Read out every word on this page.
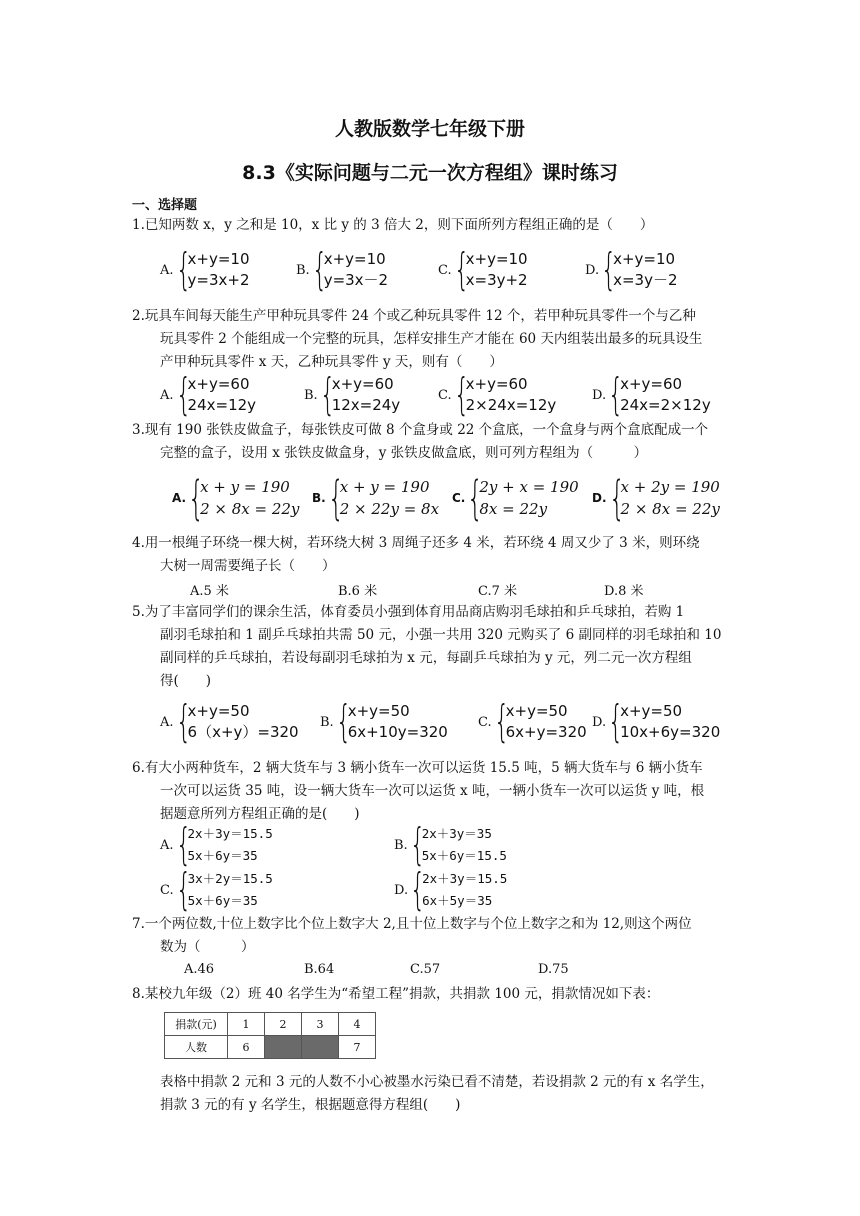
人教版数学七年级下册
8.3《实际问题与二元一次方程组》课时练习
一、选择题
1.已知两数 x，y 之和是 10，x 比 y 的 3 倍大 2，则下面所列方程组正确的是（　　）
A. {
x+y=10
y=3x+2
B. {
x+y=10
y=3x－2
C. {
x+y=10
x=3y+2
D. {
x+y=10
x=3y－2
2.玩具车间每天能生产甲种玩具零件 24 个或乙种玩具零件 12 个，若甲种玩具零件一个与乙种
玩具零件 2 个能组成一个完整的玩具，怎样安排生产才能在 60 天内组装出最多的玩具设生
产甲种玩具零件 x 天，乙种玩具零件 y 天，则有（　　）
A. {
x+y=60
24x=12y
B. {
x+y=60
12x=24y
C. {
x+y=60
2×24x=12y
D. {
x+y=60
24x=2×12y
3.现有 190 张铁皮做盒子，每张铁皮可做 8 个盒身或 22 个盒底，一个盒身与两个盒底配成一个
完整的盒子，设用 x 张铁皮做盒身，y 张铁皮做盒底，则可列方程组为（　　　）
A. {
x + y = 190
2 × 8x = 22y
B. {
x + y = 190
2 × 22y = 8x
C. {
2y + x = 190
8x = 22y
D. {
x + 2y = 190
2 × 8x = 22y
4.用一根绳子环绕一棵大树，若环绕大树 3 周绳子还多 4 米，若环绕 4 周又少了 3 米，则环绕
大树一周需要绳子长（　　）
A.5 米	B.6 米	C.7 米	D.8 米
5.为了丰富同学们的课余生活，体育委员小强到体育用品商店购羽毛球拍和乒乓球拍，若购 1
副羽毛球拍和 1 副乒乓球拍共需 50 元，小强一共用 320 元购买了 6 副同样的羽毛球拍和 10
副同样的乒乓球拍，若设每副羽毛球拍为 x 元，每副乒乓球拍为 y 元，列二元一次方程组
得(　　)
A. {
x+y=50
6（x+y）=320
B. {
x+y=50
6x+10y=320
C. {
x+y=50
6x+y=320
D. {
x+y=50
10x+6y=320
6.有大小两种货车，2 辆大货车与 3 辆小货车一次可以运货 15.5 吨，5 辆大货车与 6 辆小货车
一次可以运货 35 吨，设一辆大货车一次可以运货 x 吨，一辆小货车一次可以运货 y 吨，根
据题意所列方程组正确的是(　　)
A. {
2x＋3y＝15.5
5x＋6y＝35
B. {
2x＋3y＝35
5x＋6y＝15.5
C. {
3x＋2y＝15.5
5x＋6y＝35
D. {
2x＋3y＝15.5
6x＋5y＝35
7.一个两位数,十位上数字比个位上数字大 2,且十位上数字与个位上数字之和为 12,则这个两位
数为（　　　）
A.46	B.64	C.57	D.75
8.某校九年级（2）班 40 名学生为“希望工程”捐款，共捐款 100 元，捐款情况如下表：
捐款(元)	1	2	3	4
人数	6			7
表格中捐款 2 元和 3 元的人数不小心被墨水污染已看不清楚，若设捐款 2 元的有 x 名学生，
捐款 3 元的有 y 名学生，根据题意得方程组(　　)
